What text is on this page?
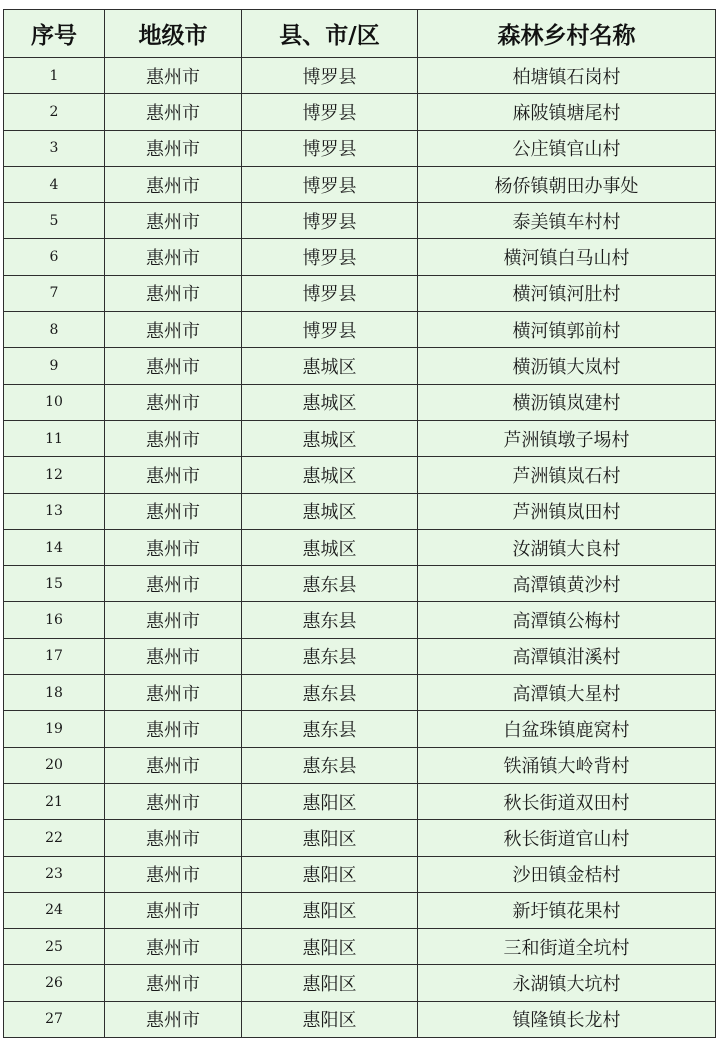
序号	地级市	县、市/区	森林乡村名称
1	惠州市	博罗县	柏塘镇石岗村
2	惠州市	博罗县	麻陂镇塘尾村
3	惠州市	博罗县	公庄镇官山村
4	惠州市	博罗县	杨侨镇朝田办事处
5	惠州市	博罗县	泰美镇车村村
6	惠州市	博罗县	横河镇白马山村
7	惠州市	博罗县	横河镇河肚村
8	惠州市	博罗县	横河镇郭前村
9	惠州市	惠城区	横沥镇大岚村
10	惠州市	惠城区	横沥镇岚建村
11	惠州市	惠城区	芦洲镇墩子埸村
12	惠州市	惠城区	芦洲镇岚石村
13	惠州市	惠城区	芦洲镇岚田村
14	惠州市	惠城区	汝湖镇大良村
15	惠州市	惠东县	高潭镇黄沙村
16	惠州市	惠东县	高潭镇公梅村
17	惠州市	惠东县	高潭镇泔溪村
18	惠州市	惠东县	高潭镇大星村
19	惠州市	惠东县	白盆珠镇鹿窝村
20	惠州市	惠东县	铁涌镇大岭背村
21	惠州市	惠阳区	秋长街道双田村
22	惠州市	惠阳区	秋长街道官山村
23	惠州市	惠阳区	沙田镇金桔村
24	惠州市	惠阳区	新圩镇花果村
25	惠州市	惠阳区	三和街道全坑村
26	惠州市	惠阳区	永湖镇大坑村
27	惠州市	惠阳区	镇隆镇长龙村
